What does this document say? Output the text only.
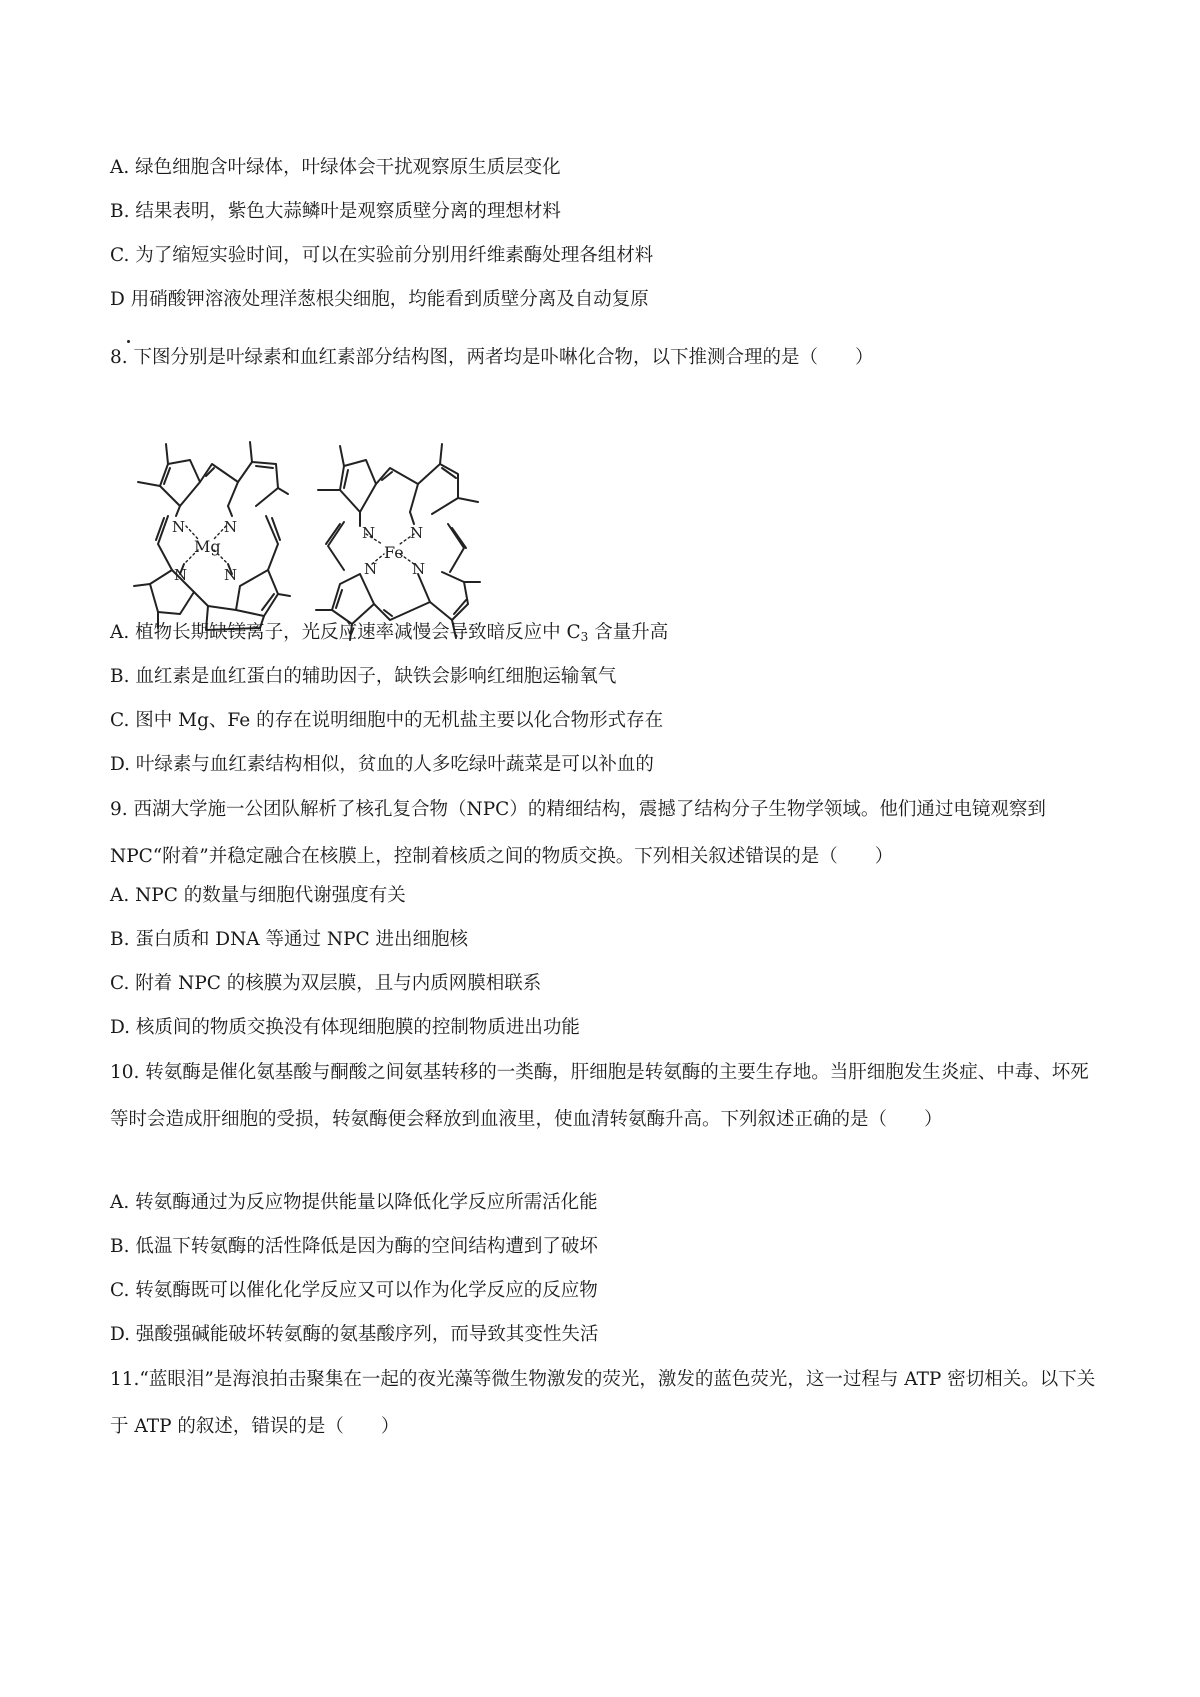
A. 绿色细胞含叶绿体，叶绿体会干扰观察原生质层变化
B. 结果表明，紫色大蒜鳞叶是观察质壁分离的理想材料
C. 为了缩短实验时间，可以在实验前分别用纤维素酶处理各组材料
D 用硝酸钾溶液处理洋葱根尖细胞，均能看到质壁分离及自动复原
8. 下图分别是叶绿素和血红素部分结构图，两者均是卟啉化合物，以下推测合理的是（　　）
N	N
Mg
N N
N N
Fe
N N
A. 植物长期缺镁离子，光反应速率减慢会导致暗反应中 $C_3$ 含量升高
B. 血红素是血红蛋白的辅助因子，缺铁会影响红细胞运输氧气
C. 图中 Mg、Fe 的存在说明细胞中的无机盐主要以化合物形式存在
D. 叶绿素与血红素结构相似，贫血的人多吃绿叶蔬菜是可以补血的
9. 西湖大学施一公团队解析了核孔复合物（NPC）的精细结构，震撼了结构分子生物学领域。他们通过电镜观察到 NPC“附着”并稳定融合在核膜上，控制着核质之间的物质交换。下列相关叙述错误的是（　　）
A. NPC 的数量与细胞代谢强度有关
B. 蛋白质和 DNA 等通过 NPC 进出细胞核
C. 附着 NPC 的核膜为双层膜，且与内质网膜相联系
D. 核质间的物质交换没有体现细胞膜的控制物质进出功能
10. 转氨酶是催化氨基酸与酮酸之间氨基转移的一类酶，肝细胞是转氨酶的主要生存地。当肝细胞发生炎症、中毒、坏死等时会造成肝细胞的受损，转氨酶便会释放到血液里，使血清转氨酶升高。下列叙述正确的是（　　）
A. 转氨酶通过为反应物提供能量以降低化学反应所需活化能
B. 低温下转氨酶的活性降低是因为酶的空间结构遭到了破坏
C. 转氨酶既可以催化化学反应又可以作为化学反应的反应物
D. 强酸强碱能破坏转氨酶的氨基酸序列，而导致其变性失活
11.“蓝眼泪”是海浪拍击聚集在一起的夜光藻等微生物激发的荧光，激发的蓝色荧光，这一过程与 ATP 密切相关。以下关于 ATP 的叙述，错误的是（　　）
